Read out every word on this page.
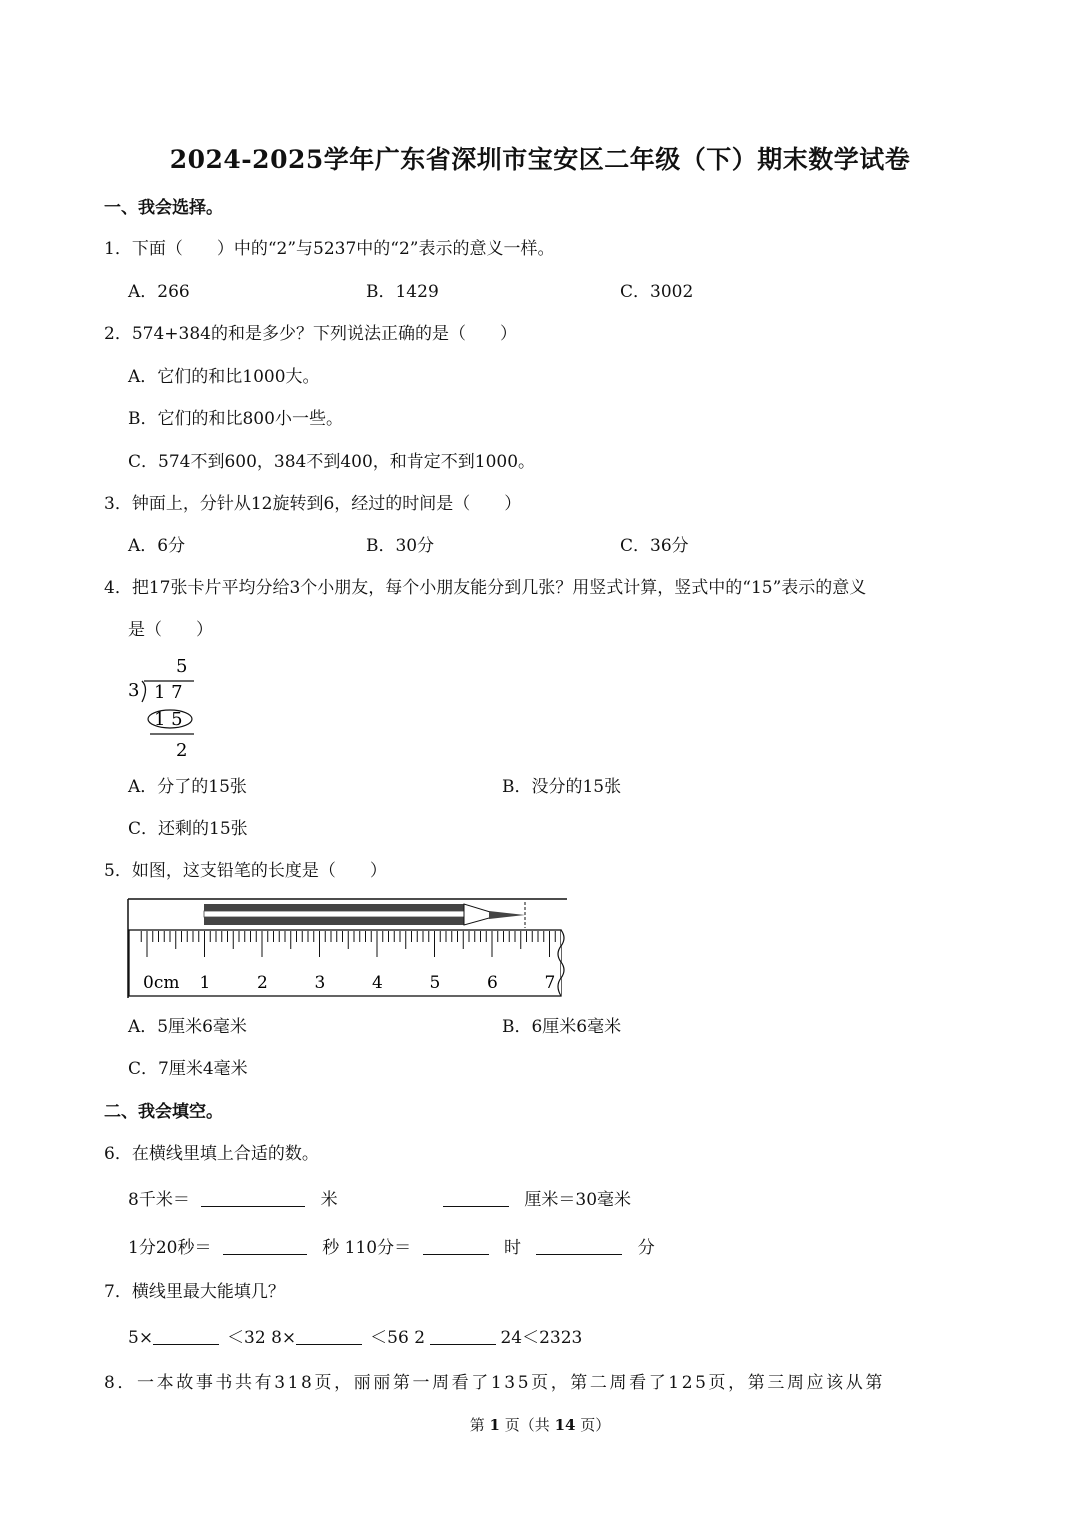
2024-2025学年广东省深圳市宝安区二年级（下）期末数学试卷
一、我会选择。
1．下面（　　）中的“2”与5237中的“2”表示的意义一样。
A．266	B．1429	C．3002
2．574+384的和是多少？下列说法正确的是（　　）
A．它们的和比1000大。
B．它们的和比800小一些。
C．574不到600，384不到400，和肯定不到1000。
3．钟面上，分针从12旋转到6，经过的时间是（　　）
A．6分	B．30分	C．36分
4．把17张卡片平均分给3个小朋友，每个小朋友能分到几张？用竖式计算，竖式中的“15”表示的意义
是（　　）
5
3 1 7
1 5
2
A．分了的15张	B．没分的15张
C．还剩的15张
5．如图，这支铅笔的长度是（　　）
0cm 1	2	3	4	5	6	7
A．5厘米6毫米	B．6厘米6毫米
C．7厘米4毫米
二、我会填空。
6．在横线里填上合适的数。
8千米＝	米	厘米＝30毫米
1分20秒＝	秒 110分＝	时	分
7．横线里最大能填几？
5×	＜32 8×	＜56 2	24＜2323
8．一本故事书共有318页，丽丽第一周看了135页，第二周看了125页，第三周应该从第
第 1 页（共 14 页）
